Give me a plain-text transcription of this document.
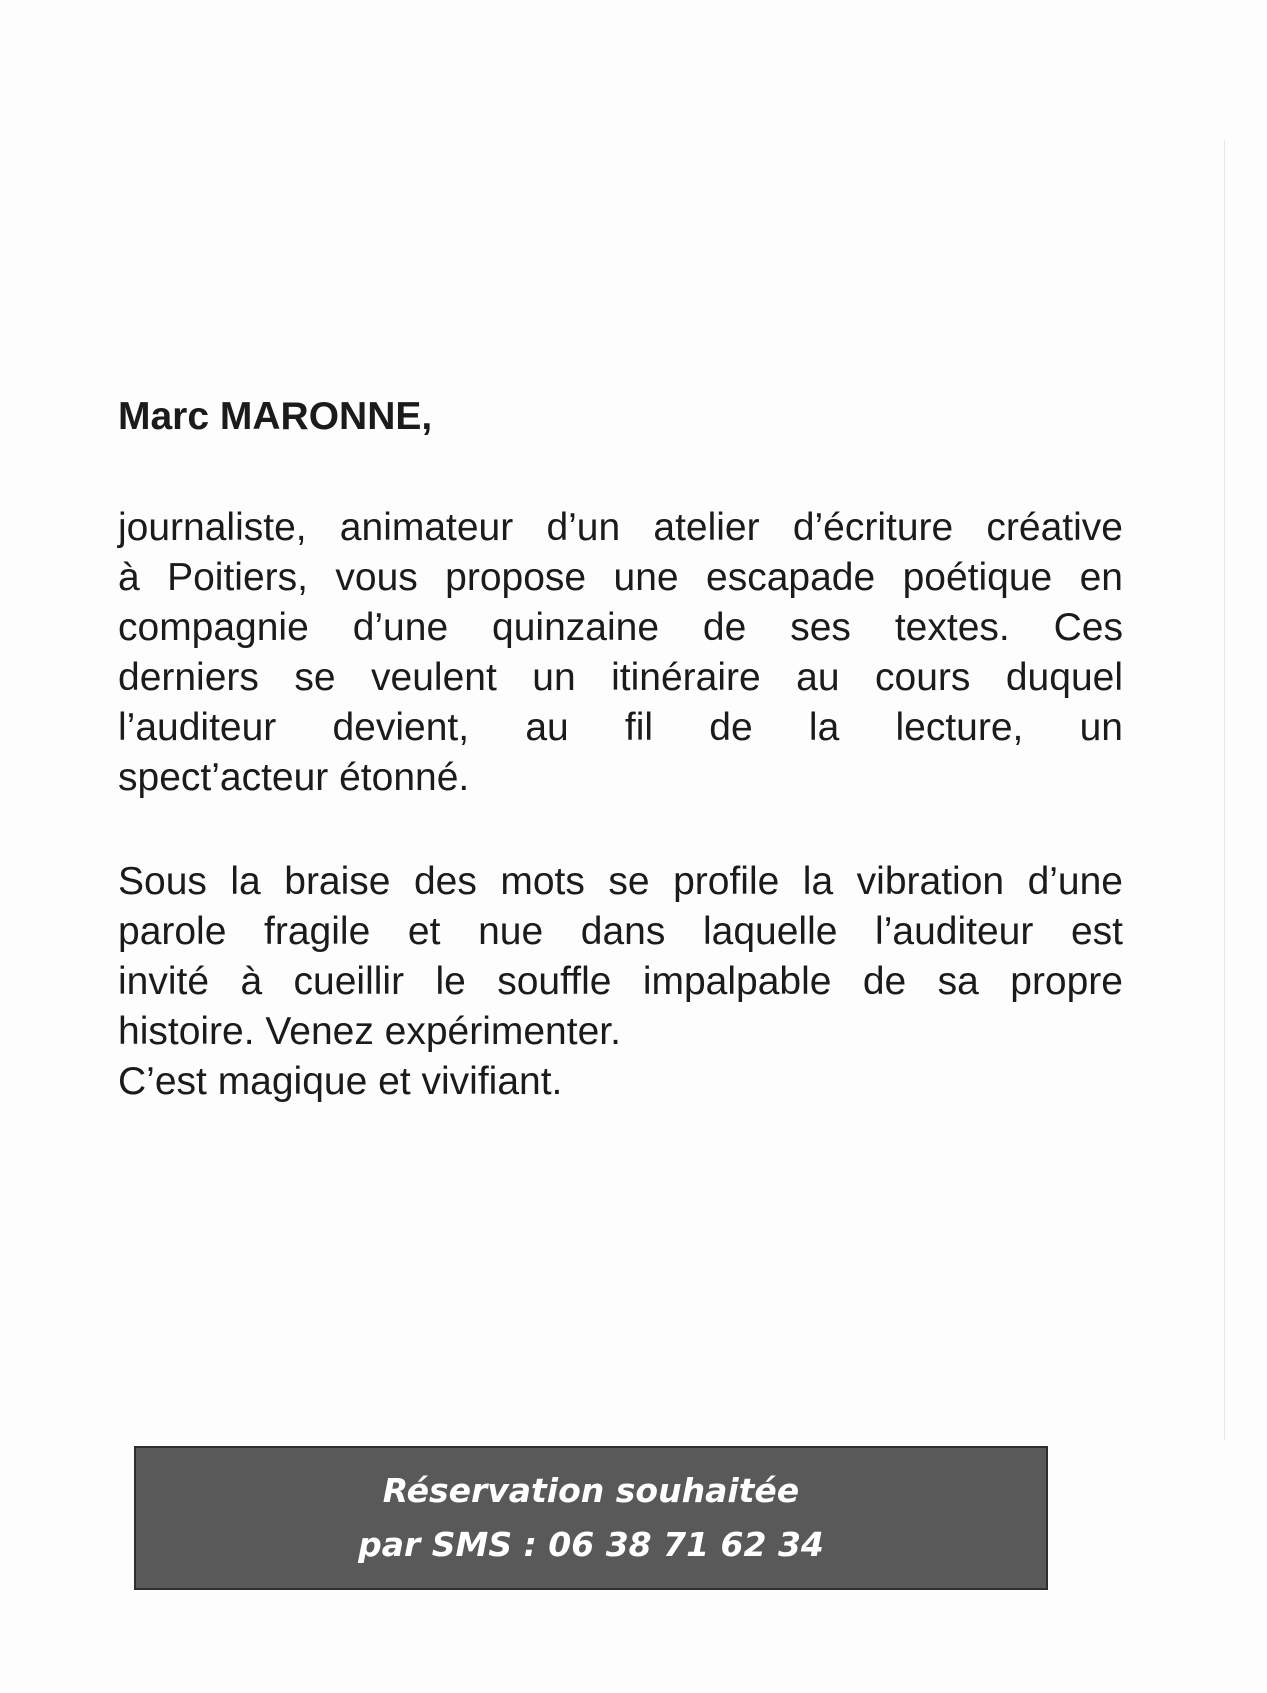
Marc MARONNE,

journaliste, animateur d’un atelier d’écriture créative
à Poitiers, vous propose une escapade poétique en
compagnie d’une quinzaine de ses textes. Ces
derniers se veulent un itinéraire au cours duquel
l’auditeur devient, au fil de la lecture, un
spect’acteur étonné.

Sous la braise des mots se profile la vibration d’une
parole fragile et nue dans laquelle l’auditeur est
invité à cueillir le souffle impalpable de sa propre
histoire. Venez expérimenter.

C’est magique et vivifiant.

Réservation souhaitée
par SMS : 06 38 71 62 34
